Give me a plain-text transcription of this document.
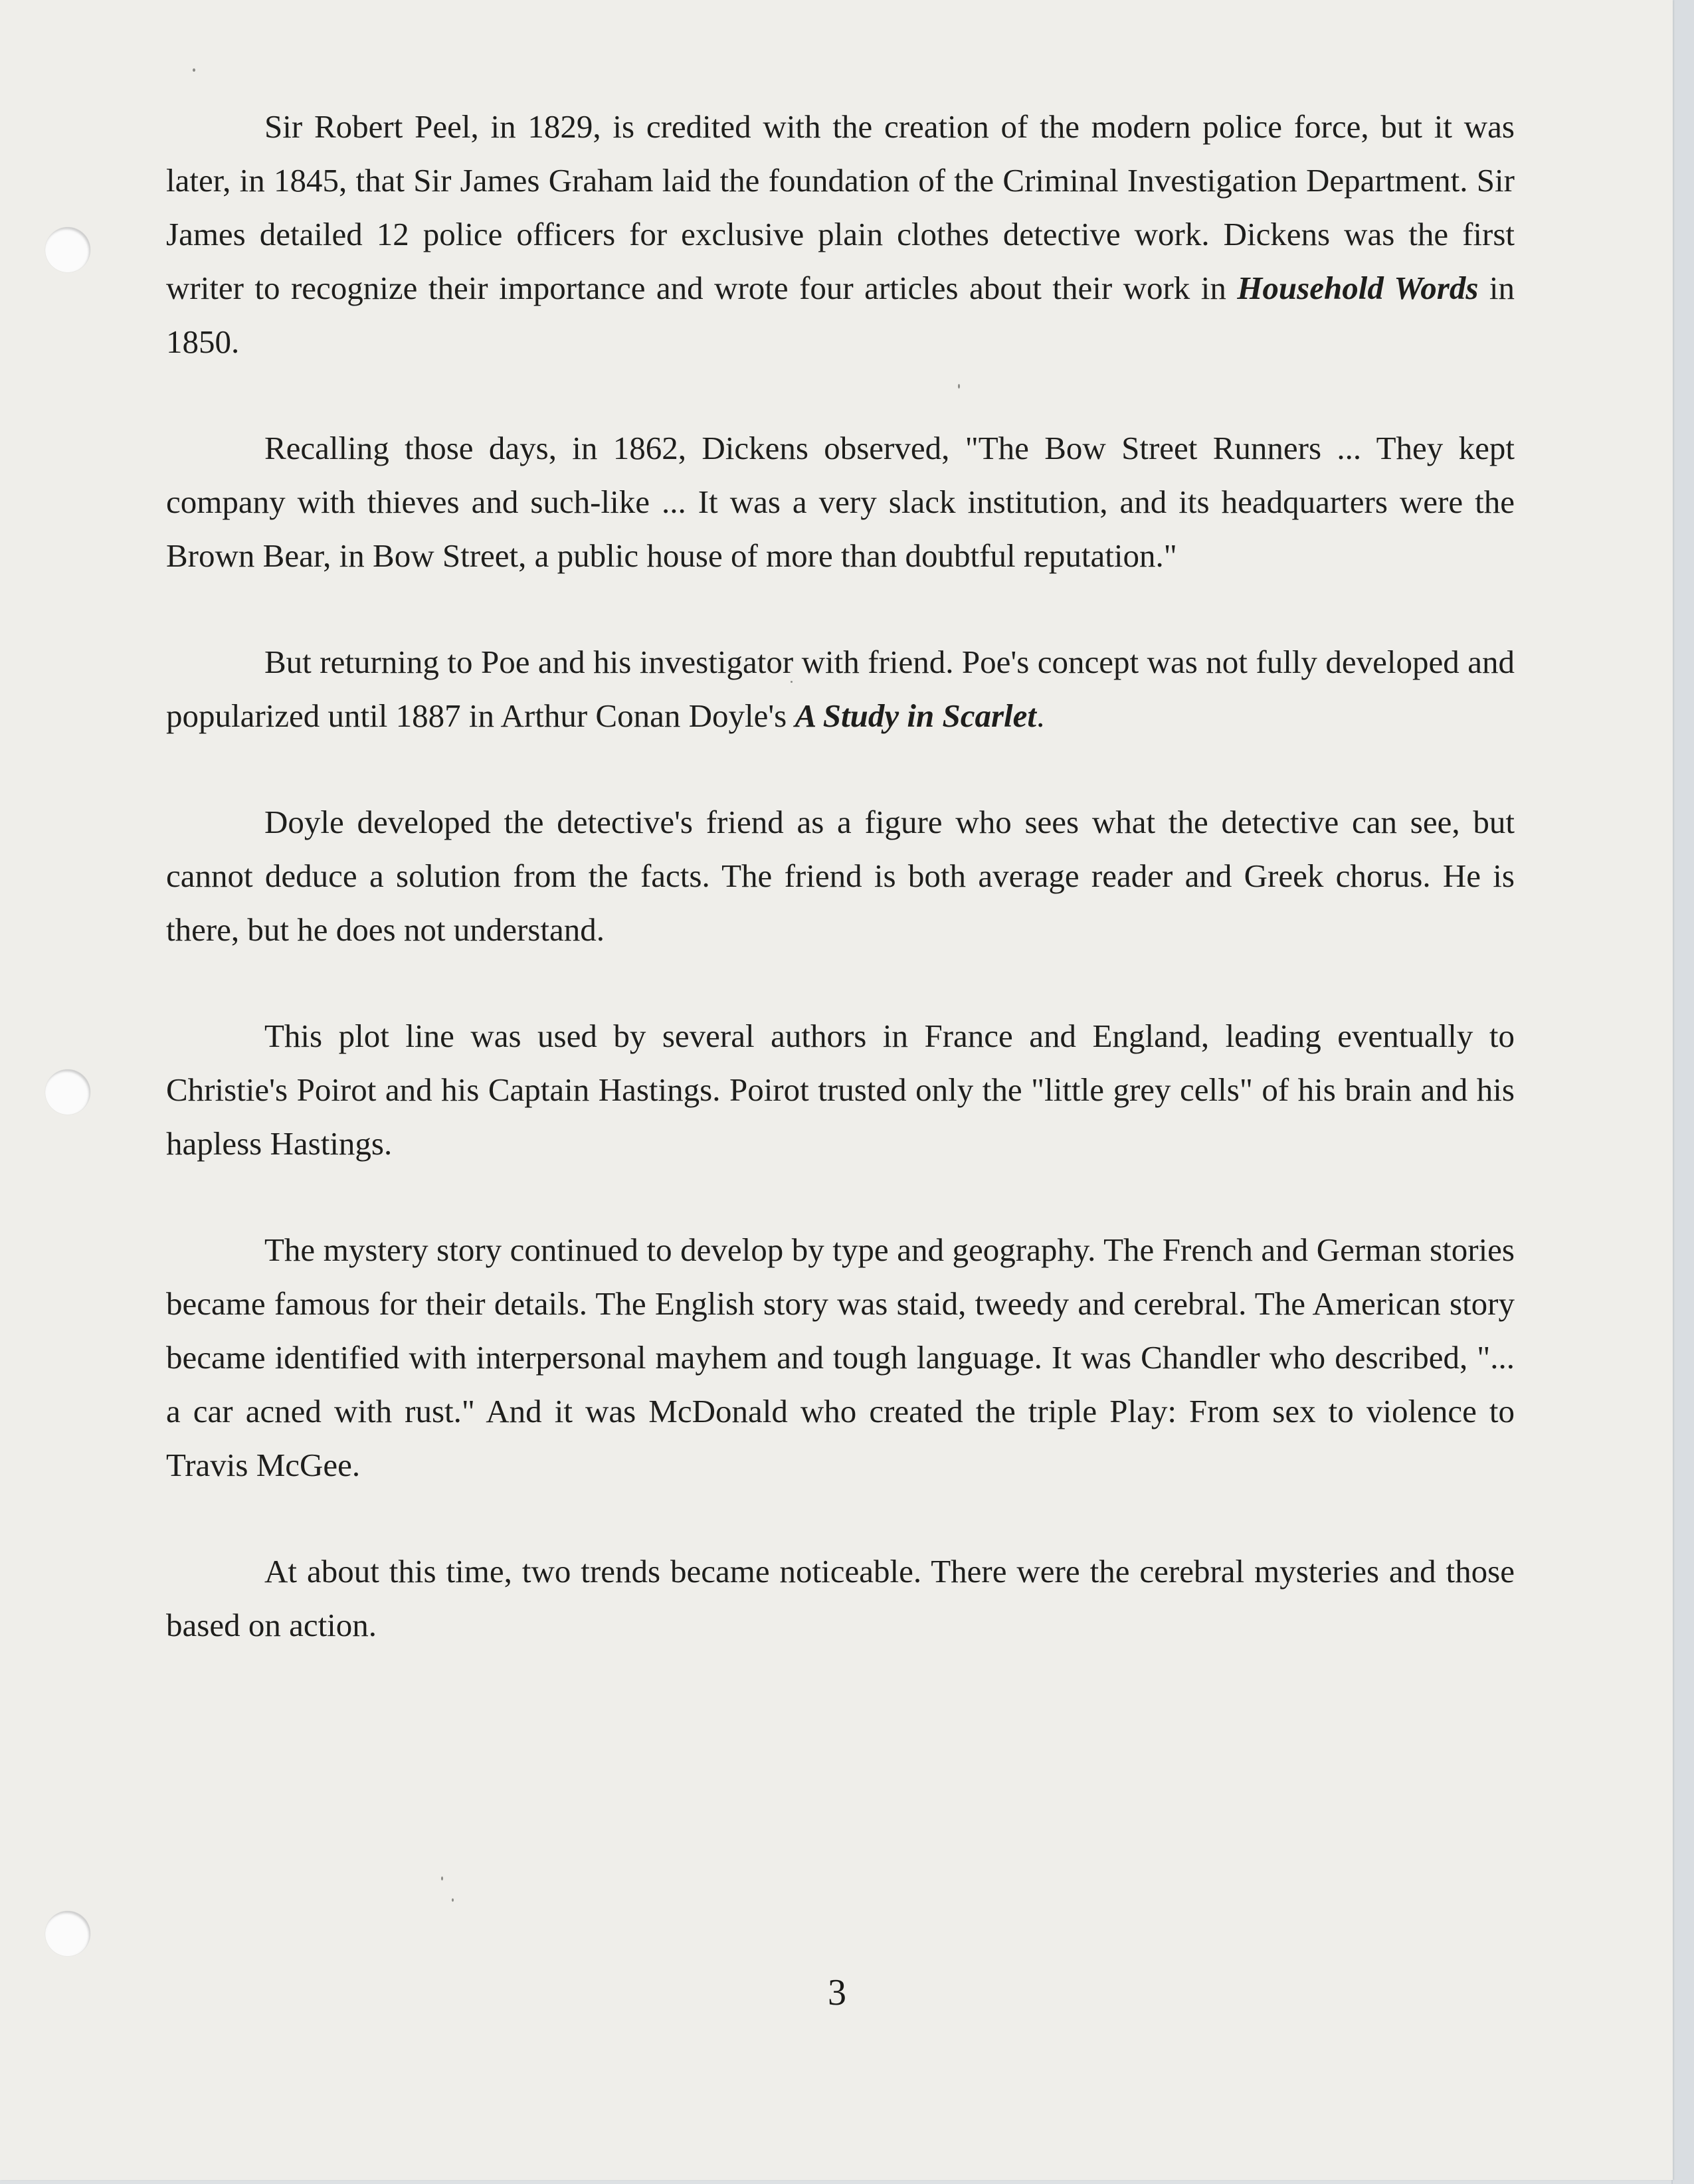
Sir Robert Peel, in 1829, is credited with the creation of the modern police force, but it was later, in 1845, that Sir James Graham laid the foundation of the Criminal Investigation Department. Sir James detailed 12 police officers for exclusive plain clothes detective work. Dickens was the first writer to recognize their importance and wrote four articles about their work in Household Words in 1850.

Recalling those days, in 1862, Dickens observed, "The Bow Street Runners ... They kept company with thieves and such-like ... It was a very slack institution, and its headquarters were the Brown Bear, in Bow Street, a public house of more than doubtful reputation."

But returning to Poe and his investigator with friend. Poe's concept was not fully developed and popularized until 1887 in Arthur Conan Doyle's A Study in Scarlet.

Doyle developed the detective's friend as a figure who sees what the detective can see, but cannot deduce a solution from the facts. The friend is both average reader and Greek chorus. He is there, but he does not understand.

This plot line was used by several authors in France and England, leading eventually to Christie's Poirot and his Captain Hastings. Poirot trusted only the "little grey cells" of his brain and his hapless Hastings.

The mystery story continued to develop by type and geography. The French and German stories became famous for their details. The English story was staid, tweedy and cerebral. The American story became identified with interpersonal mayhem and tough language. It was Chandler who described, "... a car acned with rust." And it was McDonald who created the triple Play: From sex to violence to Travis McGee.

At about this time, two trends became noticeable. There were the cerebral mysteries and those based on action.

3
